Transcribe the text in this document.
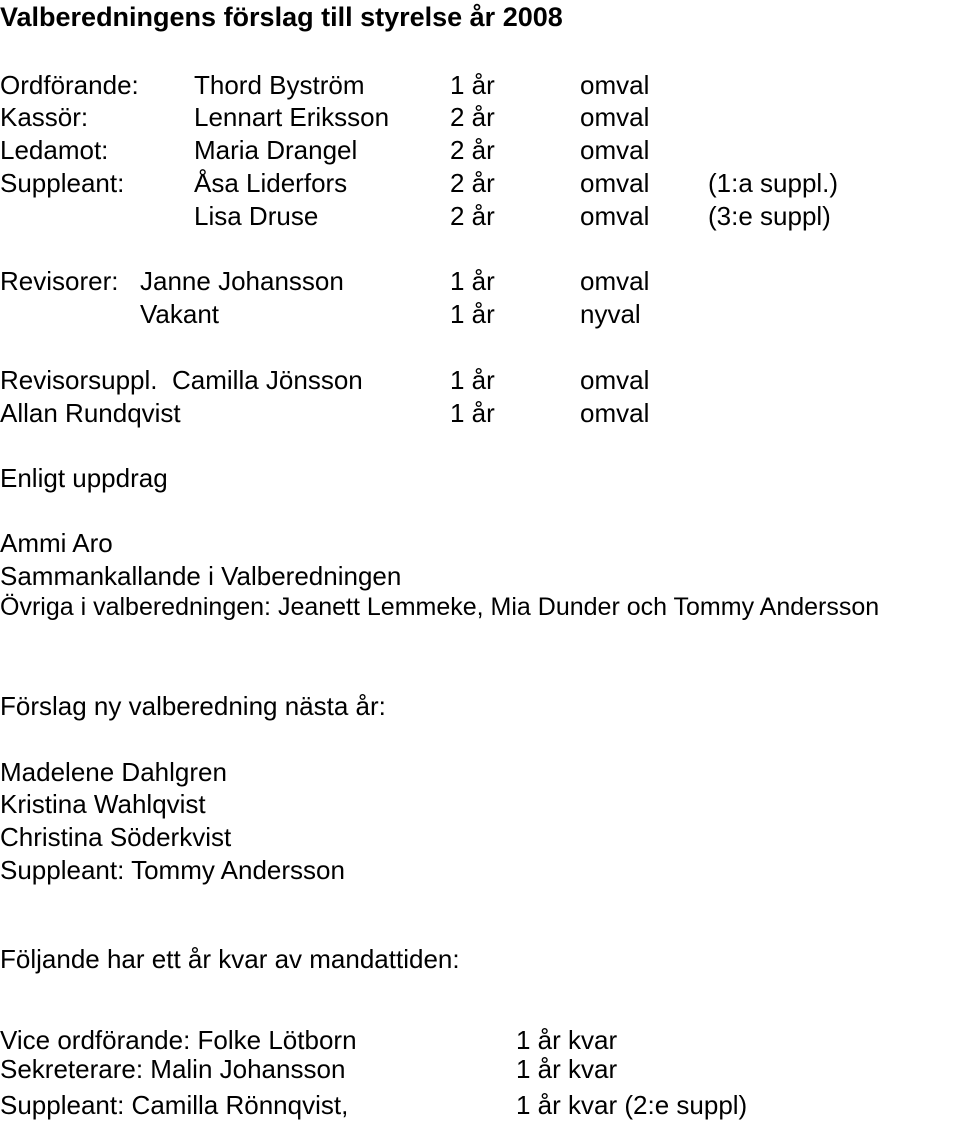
Valberedningens förslag till styrelse år 2008
Ordförande: Thord Byström	1 år	omval
Kassör:	Lennart Eriksson 2 år	omval
Ledamot:	Maria Drangel	2 år	omval
Suppleant:	Åsa Liderfors	2 år	omval (1:a suppl.)
Lisa Druse	2 år	omval (3:e suppl)
Revisorer: Janne Johansson	1 år	omval
Vakant	1 år	nyval
Revisorsuppl. Camilla Jönsson	1 år	omval
Allan Rundqvist	1 år	omval
Enligt uppdrag
Ammi Aro
Sammankallande i Valberedningen
Övriga i valberedningen: Jeanett Lemmeke, Mia Dunder och Tommy Andersson
Förslag ny valberedning nästa år:
Madelene Dahlgren
Kristina Wahlqvist
Christina Söderkvist
Suppleant: Tommy Andersson
Följande har ett år kvar av mandattiden:
Vice ordförande: Folke Lötborn	1 år kvar
Sekreterare: Malin Johansson	1 år kvar
Suppleant: Camilla Rönnqvist,	1 år kvar (2:e suppl)
